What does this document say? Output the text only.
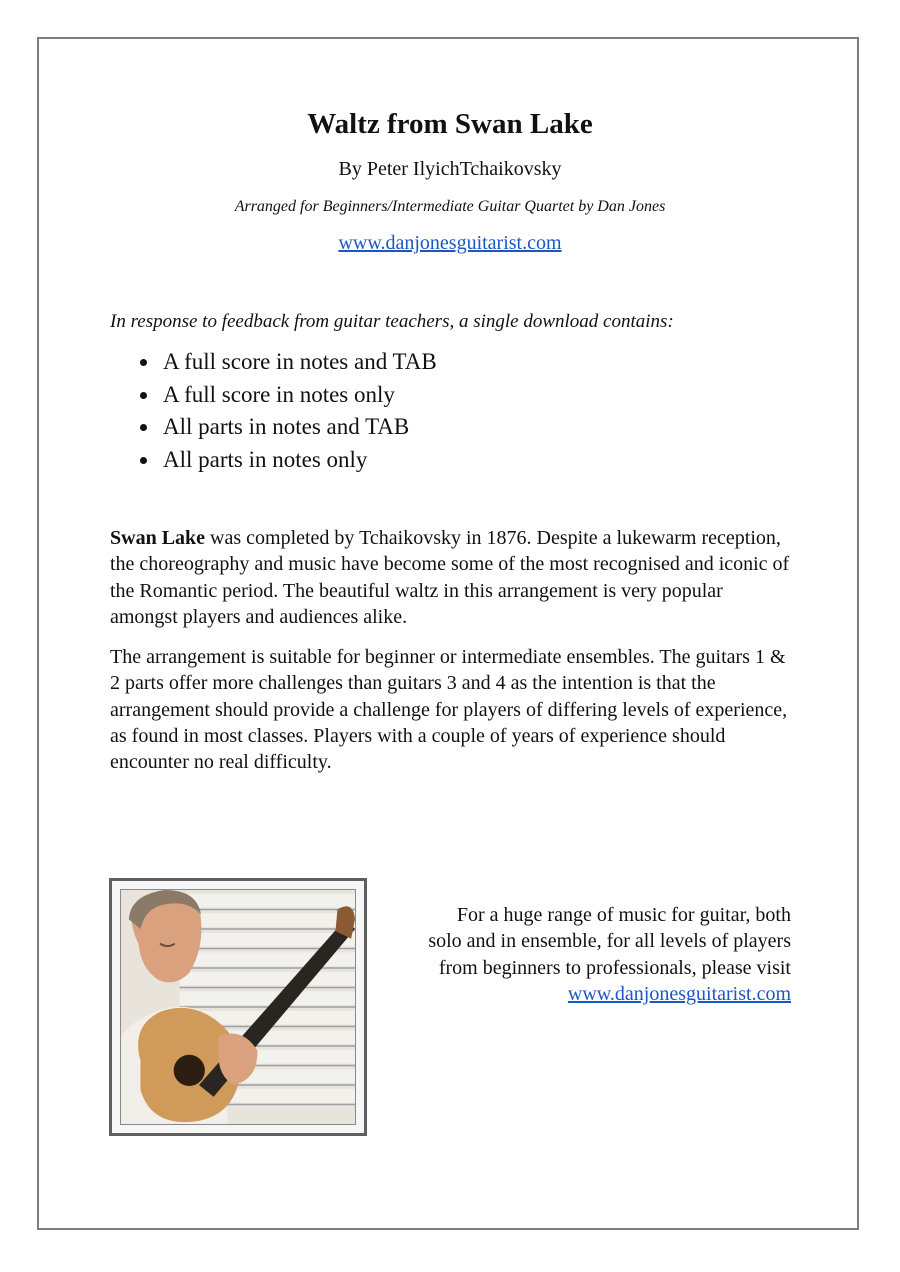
Waltz from Swan Lake
By Peter IlyichTchaikovsky
Arranged for Beginners/Intermediate Guitar Quartet by Dan Jones
www.danjonesguitarist.com
In response to feedback from guitar teachers, a single download contains:
A full score in notes and TAB
A full score in notes only
All parts in notes and TAB
All parts in notes only

Swan Lake was completed by Tchaikovsky in 1876. Despite a lukewarm reception, the choreography and music have become some of the most recognised and iconic of the Romantic period. The beautiful waltz in this arrangement is very popular amongst players and audiences alike.

The arrangement is suitable for beginner or intermediate ensembles. The guitars 1 & 2 parts offer more challenges than guitars 3 and 4 as the intention is that the arrangement should provide a challenge for players of differing levels of experience, as found in most classes. Players with a couple of years of experience should encounter no real difficulty.

For a huge range of music for guitar, both
solo and in ensemble, for all levels of players
from beginners to professionals, please visit
www.danjonesguitarist.com
